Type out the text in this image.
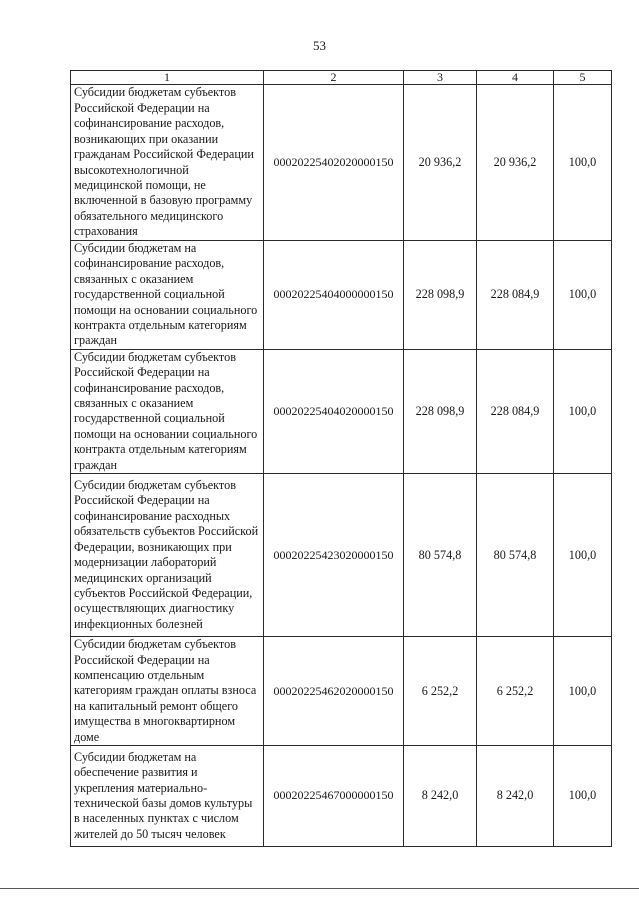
53
1	2	3	4	5
Субсидии бюджетам субъектов Российской Федерации на софинансирование расходов, возникающих при оказании гражданам Российской Федерации высокотехнологичной медицинской помощи, не включенной в базовую программу обязательного медицинского страхования	00020225402020000150	20 936,2	20 936,2	100,0
Субсидии бюджетам на софинансирование расходов, связанных с оказанием государственной социальной помощи на основании социального контракта отдельным категориям граждан	00020225404000000150	228 098,9	228 084,9	100,0
Субсидии бюджетам субъектов Российской Федерации на софинансирование расходов, связанных с оказанием государственной социальной помощи на основании социального контракта отдельным категориям граждан	00020225404020000150	228 098,9	228 084,9	100,0
Субсидии бюджетам субъектов Российской Федерации на софинансирование расходных обязательств субъектов Российской Федерации, возникающих при модернизации лабораторий медицинских организаций субъектов Российской Федерации, осуществляющих диагностику инфекционных болезней	00020225423020000150	80 574,8	80 574,8	100,0
Субсидии бюджетам субъектов Российской Федерации на компенсацию отдельным категориям граждан оплаты взноса на капитальный ремонт общего имущества в многоквартирном доме	00020225462020000150	6 252,2	6 252,2	100,0
Субсидии бюджетам на обеспечение развития и укрепления материально-технической базы домов культуры в населенных пунктах с числом жителей до 50 тысяч человек	00020225467000000150	8 242,0	8 242,0	100,0
